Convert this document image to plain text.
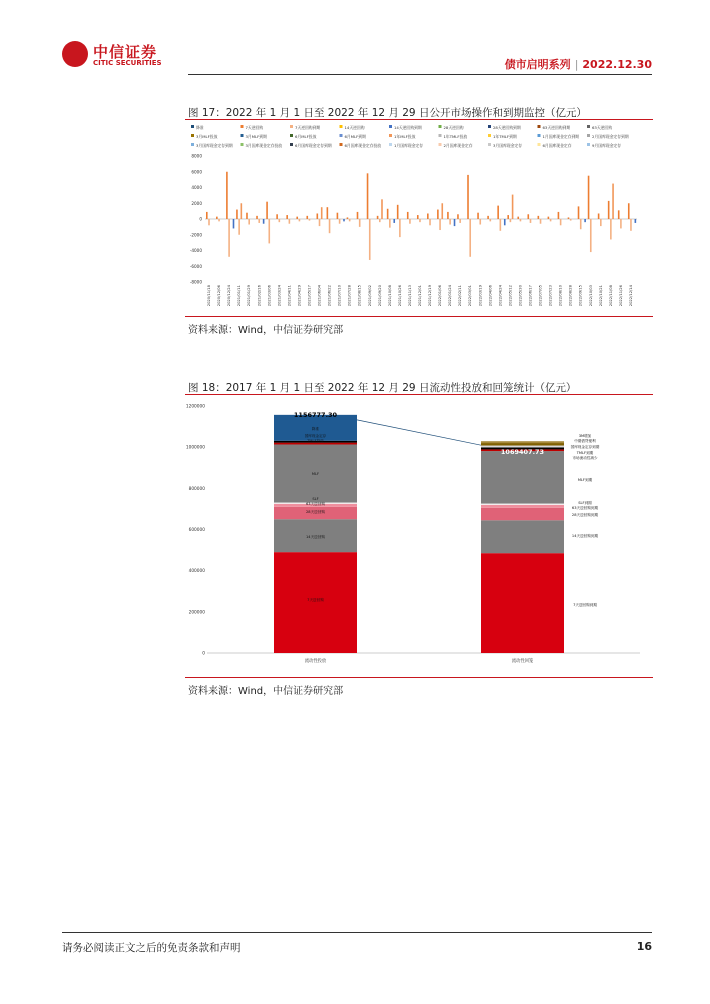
中信证券
CITIC SECURITIES	债市启明系列 | 2022.12.30
图 17：2022 年 1 月 1 日至 2022 年 12 月 29 日公开市场操作和到期监控（亿元）
降准	7天逆回购	7天逆回购到期	14天逆回购	14天逆回购到期	28天逆回购	28天逆回购到期	63天逆回购到期	63天逆回购
3月MLF投放	3月MLF到期	6月MLF投放	6月MLF到期	1年MLF投放	1年TMLF投放	1年TMLF到期	1月国库现金定存到期	2月国库现金定存到期
3月国库现金定存到期	3月国库现金定存投放	6月国库现金定存到期	6月国库现金定存投放	1月国库现金定存	2月国库现金定存	3月国库现金定存	6月国库现金定存	9月国库现金定存
8000
6000
4000
2000
0
-2000
-4000
-6000
-8000
2020/11/18 2020/12/06 2020/12/24 2021/01/11 2021/01/29 2021/02/16 2021/03/06 2021/03/24 2021/04/11 2021/04/29 2021/05/17 2021/06/04 2021/06/22 2021/07/10 2021/07/28 2021/08/15 2021/09/02 2021/09/20 2021/10/08 2021/10/26 2021/11/13 2021/12/01 2021/12/19 2022/01/06 2022/01/24 2022/02/11 2022/03/01 2022/03/19 2022/04/06 2022/04/24 2022/05/12 2022/05/30 2022/06/17 2022/07/05 2022/07/23 2022/08/10 2022/08/28 2022/09/15 2022/10/03 2022/10/21 2022/11/08 2022/11/26 2022/12/14
资料来源：Wind，中信证券研究部
图 18：2017 年 1 月 1 日至 2022 年 12 月 29 日流动性投放和回笼统计（亿元）
1200000
1000000
800000
600000
400000
200000
0
流动性投放	流动性回笼
1156777.30
1069407.73
降准
国库现金定存
TMLF投放
MLF
SLF
63天逆回购
28天逆回购
14天逆回购
7天逆回购
3M增加
中期借贷便利
国库现金定存到期
TMLF到期
市场流动性减少
MLF到期
SLF到期
63天逆回购到期
28天逆回购到期
14天逆回购到期
7天逆回购到期
资料来源：Wind，中信证券研究部
请务必阅读正文之后的免责条款和声明	16
